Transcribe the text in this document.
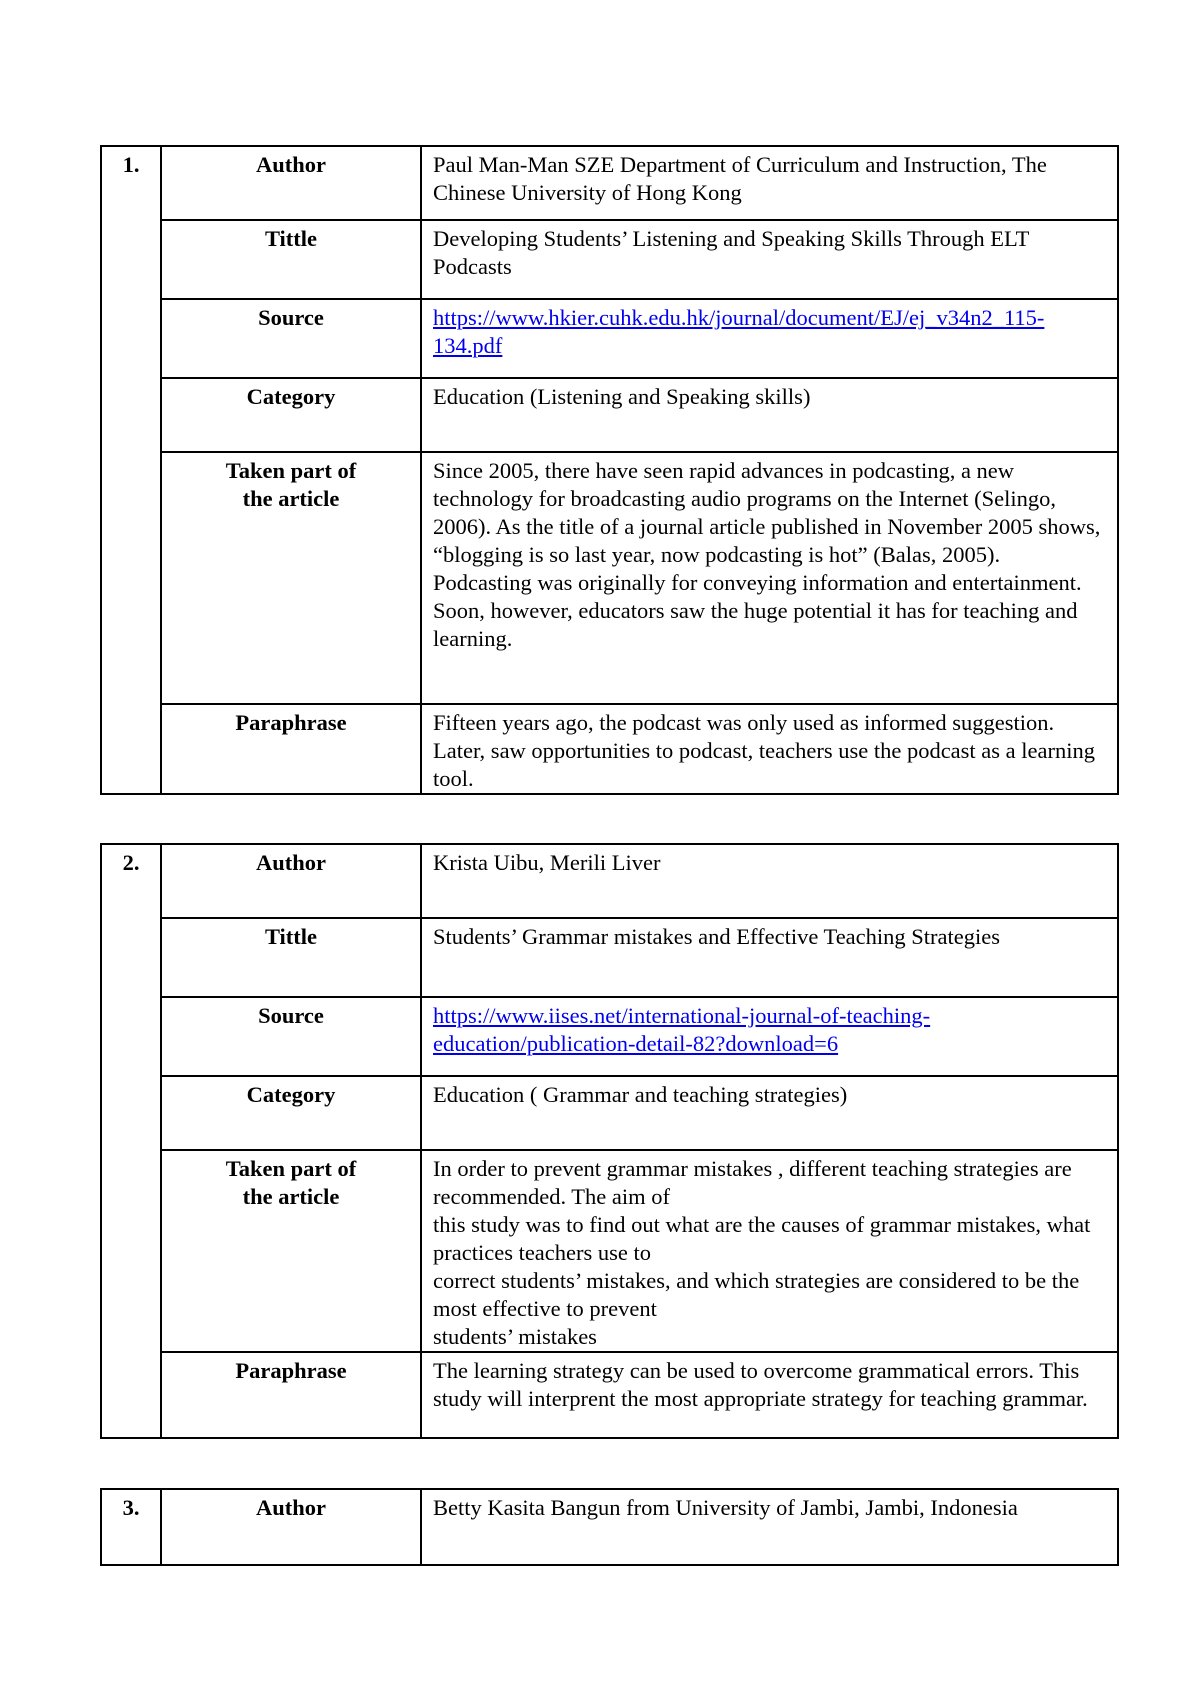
1.	Author	Paul Man-Man SZE Department of Curriculum and Instruction, The Chinese University of Hong Kong

	Tittle	Developing Students’ Listening and Speaking Skills Through ELT Podcasts

	Source	https://www.hkier.cuhk.edu.hk/journal/document/EJ/ej_v34n2_115-134.pdf

	Category	Education (Listening and Speaking skills)

	Taken part of
the article	Since 2005, there have seen rapid advances in podcasting, a new technology for broadcasting audio programs on the Internet (Selingo, 2006). As the title of a journal article published in November 2005 shows, “blogging is so last year, now podcasting is hot” (Balas, 2005).
Podcasting was originally for conveying information and entertainment.
Soon, however, educators saw the huge potential it has for teaching and learning.

	Paraphrase	Fifteen years ago, the podcast was only used as informed suggestion. Later, saw opportunities to podcast, teachers use the podcast as a learning tool.
2.	Author	Krista Uibu, Merili Liver

	Tittle	Students’ Grammar mistakes and Effective Teaching Strategies

	Source	https://www.iises.net/international-journal-of-teaching-education/publication-detail-82?download=6

	Category	Education ( Grammar and teaching strategies)

	Taken part of
the article	In order to prevent grammar mistakes , different teaching strategies are recommended. The aim of
this study was to find out what are the causes of grammar mistakes, what practices teachers use to
correct students’ mistakes, and which strategies are considered to be the most effective to prevent
students’ mistakes

	Paraphrase	The learning strategy can be used to overcome grammatical errors. This study will interprent the most appropriate strategy for teaching grammar.
3.	Author	Betty Kasita Bangun from University of Jambi, Jambi, Indonesia
